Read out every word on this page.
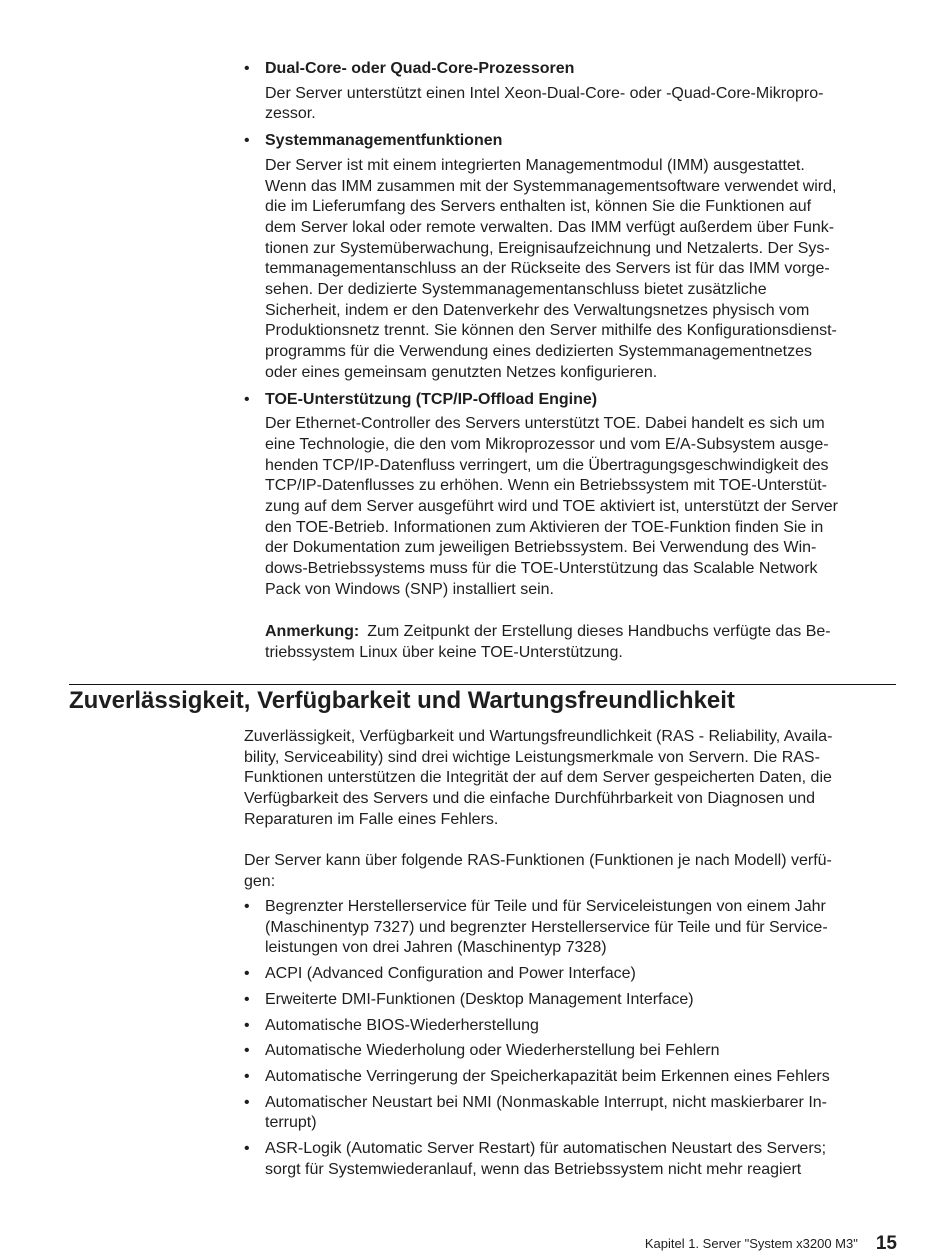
• Dual-Core- oder Quad-Core-Prozessoren
Der Server unterstützt einen Intel Xeon-Dual-Core- oder -Quad-Core-Mikropro-
zessor.
• Systemmanagementfunktionen
Der Server ist mit einem integrierten Managementmodul (IMM) ausgestattet.
Wenn das IMM zusammen mit der Systemmanagementsoftware verwendet wird,
die im Lieferumfang des Servers enthalten ist, können Sie die Funktionen auf
dem Server lokal oder remote verwalten. Das IMM verfügt außerdem über Funk-
tionen zur Systemüberwachung, Ereignisaufzeichnung und Netzalerts. Der Sys-
temmanagementanschluss an der Rückseite des Servers ist für das IMM vorge-
sehen. Der dedizierte Systemmanagementanschluss bietet zusätzliche
Sicherheit, indem er den Datenverkehr des Verwaltungsnetzes physisch vom
Produktionsnetz trennt. Sie können den Server mithilfe des Konfigurationsdienst-
programms für die Verwendung eines dedizierten Systemmanagementnetzes
oder eines gemeinsam genutzten Netzes konfigurieren.
• TOE-Unterstützung (TCP/IP-Offload Engine)
Der Ethernet-Controller des Servers unterstützt TOE. Dabei handelt es sich um
eine Technologie, die den vom Mikroprozessor und vom E/A-Subsystem ausge-
henden TCP/IP-Datenfluss verringert, um die Übertragungsgeschwindigkeit des
TCP/IP-Datenflusses zu erhöhen. Wenn ein Betriebssystem mit TOE-Unterstüt-
zung auf dem Server ausgeführt wird und TOE aktiviert ist, unterstützt der Server
den TOE-Betrieb. Informationen zum Aktivieren der TOE-Funktion finden Sie in
der Dokumentation zum jeweiligen Betriebssystem. Bei Verwendung des Win-
dows-Betriebssystems muss für die TOE-Unterstützung das Scalable Network
Pack von Windows (SNP) installiert sein.
Anmerkung: Zum Zeitpunkt der Erstellung dieses Handbuchs verfügte das Be-
triebssystem Linux über keine TOE-Unterstützung.
Zuverlässigkeit, Verfügbarkeit und Wartungsfreundlichkeit
Zuverlässigkeit, Verfügbarkeit und Wartungsfreundlichkeit (RAS - Reliability, Availa-
bility, Serviceability) sind drei wichtige Leistungsmerkmale von Servern. Die RAS-
Funktionen unterstützen die Integrität der auf dem Server gespeicherten Daten, die
Verfügbarkeit des Servers und die einfache Durchführbarkeit von Diagnosen und
Reparaturen im Falle eines Fehlers.
Der Server kann über folgende RAS-Funktionen (Funktionen je nach Modell) verfü-
gen:
• Begrenzter Herstellerservice für Teile und für Serviceleistungen von einem Jahr
(Maschinentyp 7327) und begrenzter Herstellerservice für Teile und für Service-
leistungen von drei Jahren (Maschinentyp 7328)
• ACPI (Advanced Configuration and Power Interface)
• Erweiterte DMI-Funktionen (Desktop Management Interface)
• Automatische BIOS-Wiederherstellung
• Automatische Wiederholung oder Wiederherstellung bei Fehlern
• Automatische Verringerung der Speicherkapazität beim Erkennen eines Fehlers
• Automatischer Neustart bei NMI (Nonmaskable Interrupt, nicht maskierbarer In-
terrupt)
• ASR-Logik (Automatic Server Restart) für automatischen Neustart des Servers;
sorgt für Systemwiederanlauf, wenn das Betriebssystem nicht mehr reagiert
Kapitel 1. Server "System x3200 M3" 15
